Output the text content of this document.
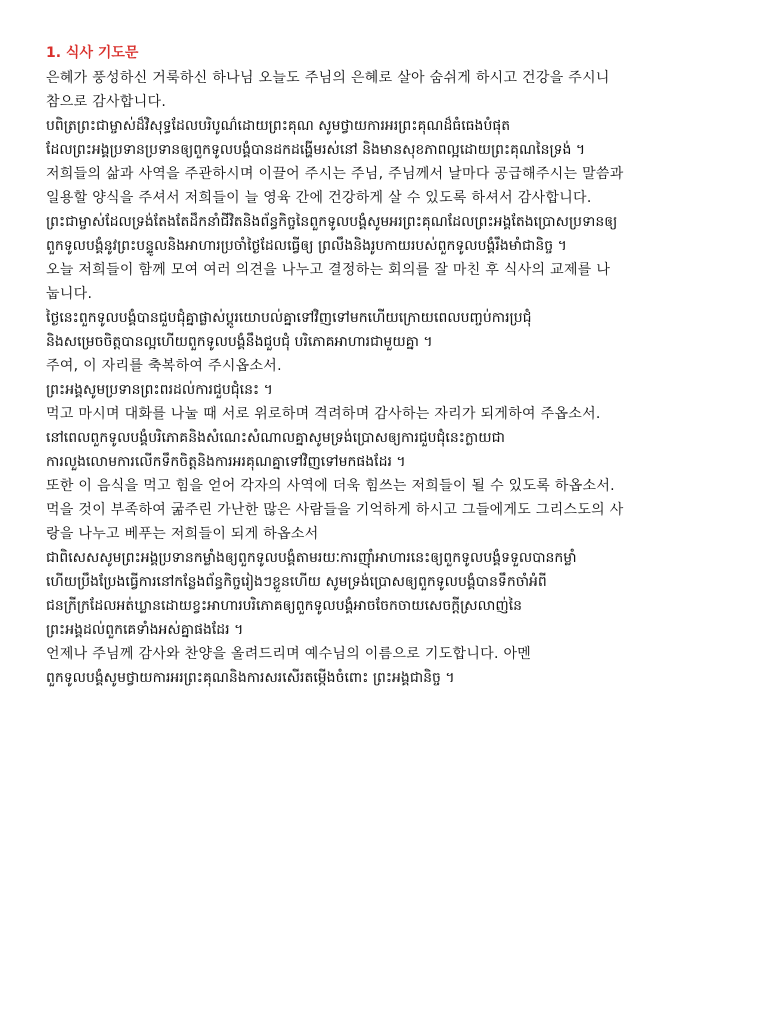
1. 식사 기도문
은혜가 풍성하신 거룩하신 하나님 오늘도 주님의 은혜로 살아 숨쉬게 하시고 건강을 주시니
참으로 감사합니다.
បពិត្រព្រះជាម្ចាស់ដ៏វិសុទ្ធដែលបរិបូណ៌ដោយព្រះគុណ សូមថ្វាយការអរព្រះគុណដ៏ធំធេងបំផុត
ដែលព្រះអង្គប្រទានប្រទានឲ្យពួកទូលបង្គំបានដកដង្ហើមរស់នៅ និងមានសុខភាពល្អដោយព្រះគុណនៃទ្រង់ ។
저희들의 삶과 사역을 주관하시며 이끌어 주시는 주님, 주님께서 날마다 공급해주시는 말씀과
일용할 양식을 주셔서 저희들이 늘 영육 간에 건강하게 살 수 있도록 하셔서 감사합니다.
ព្រះជាម្ចាស់ដែលទ្រង់តែងតែដឹកនាំជីវិតនិងព័ន្ធកិច្ចនៃពួកទូលបង្គំសូមអរព្រះគុណដែលព្រះអង្គតែងប្រោសប្រទានឲ្យ
ពួកទូលបង្គំនូវព្រះបន្ទូលនិងអាហារប្រចាំថ្ងៃដែលធ្វើឲ្យ ព្រលឹងនិងរូបកាយរបស់ពួកទូលបង្គំរឹងមាំជានិច្ច ។
오늘 저희들이 함께 모여 여러 의견을 나누고 결정하는 회의를 잘 마친 후 식사의 교제를 나
눕니다.
ថ្ងៃនេះពួកទូលបង្គំបានជួបជុំគ្នាផ្លាស់ប្តូរយោបល់គ្នាទៅវិញទៅមកហើយក្រោយពេលបញ្ចប់ការប្រជុំ
និងសម្រេចចិត្តបានល្អហើយពួកទូលបង្គំនឹងជួបជុំ បរិភោគអាហារជាមួយគ្នា ។
주여, 이 자리를 축복하여 주시옵소서.
ព្រះអង្គសូមប្រទានព្រះពរដល់ការជួបជុំនេះ ។
먹고 마시며 대화를 나눌 때 서로 위로하며 격려하며 감사하는 자리가 되게하여 주옵소서.
នៅពេលពួកទូលបង្គំបរិភោគនិងសំណេះសំណាលគ្នាសូមទ្រង់ប្រោសឲ្យការជួបជុំនេះក្លាយជា
ការលួងលោមការលើកទឹកចិត្តនិងការអរគុណគ្នាទៅវិញទៅមកផងដែរ ។
또한 이 음식을 먹고 힘을 얻어 각자의 사역에 더욱 힘쓰는 저희들이 될 수 있도록 하옵소서.
먹을 것이 부족하여 굶주린 가난한 많은 사람들을 기억하게 하시고 그들에게도 그리스도의 사
랑을 나누고 베푸는 저희들이 되게 하옵소서
ជាពិសេសសូមព្រះអង្គប្រទានកម្លាំងឲ្យពួកទូលបង្គំតាមរយៈការញុាំអាហារនេះឲ្យពួកទូលបង្គំទទួលបានកម្លាំ
ហើយប្រឹងប្រែងធ្វើការនៅកន្លែងព័ន្ធកិច្ចរៀងៗខ្លួនហើយ សូមទ្រង់ប្រោសឲ្យពួកទូលបង្គំបានទឹកចាំអំពី
ជនក្រីក្រដែលអត់ឃ្លានដោយខ្វះអាហារបរិភោគឲ្យពួកទូលបង្គំអាចចែកចាយសេចក្តីស្រលាញ់នៃ
ព្រះអង្គដល់ពួកគេទាំងអស់គ្នាផងដែរ ។
언제나 주님께 감사와 찬양을 올려드리며 예수님의 이름으로 기도합니다. 아멘
ពួកទូលបង្គំសូមថ្វាយការអរព្រះគុណនិងការសរសើរតម្កើងចំពោះ ព្រះអង្គជានិច្ច ។
